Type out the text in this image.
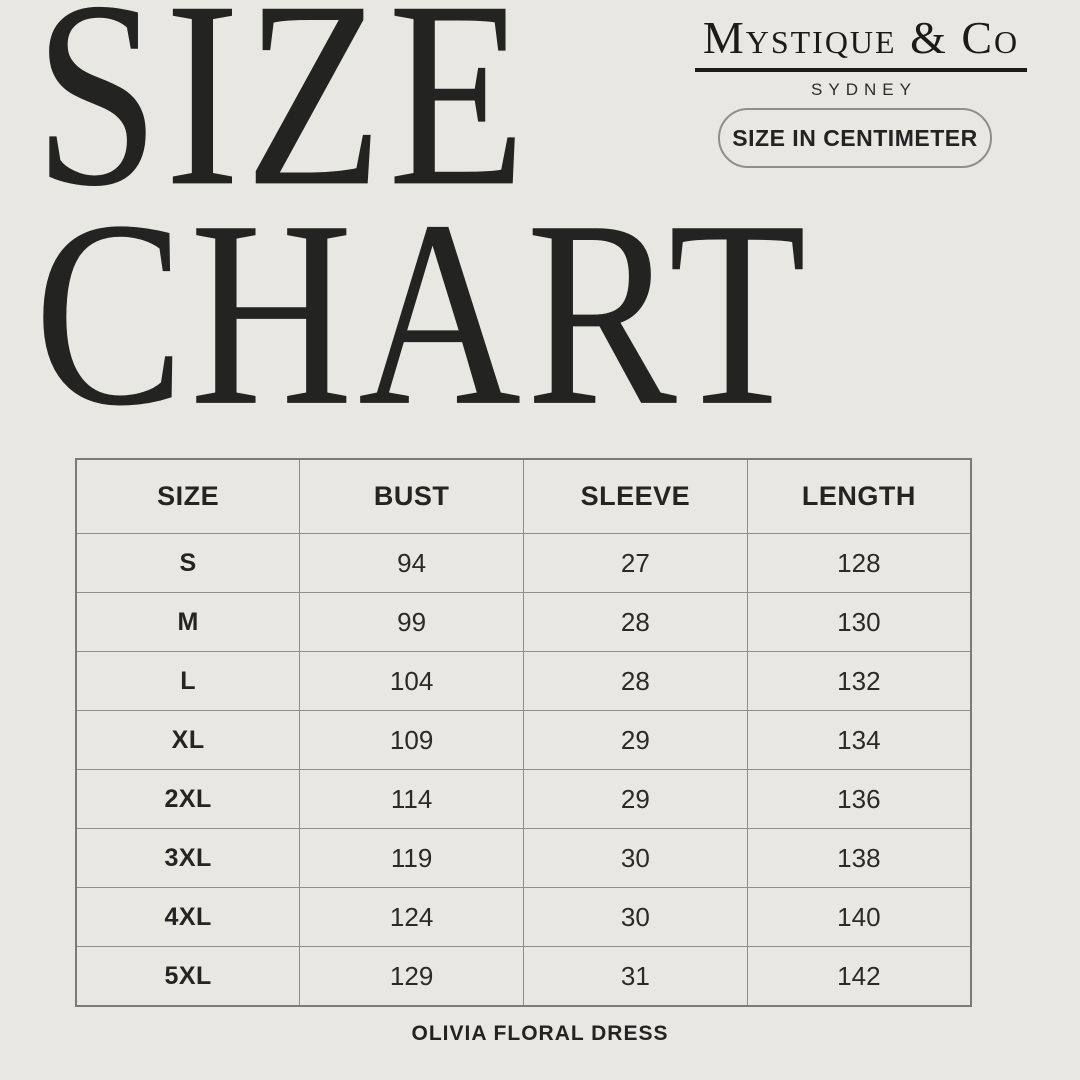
SIZE
CHART
Mystique & Co
SYDNEY
SIZE IN CENTIMETER
SIZE	BUST	SLEEVE	LENGTH
S	94	27	128
M	99	28	130
L	104	28	132
XL	109	29	134
2XL	114	29	136
3XL	119	30	138
4XL	124	30	140
5XL	129	31	142
OLIVIA FLORAL DRESS
